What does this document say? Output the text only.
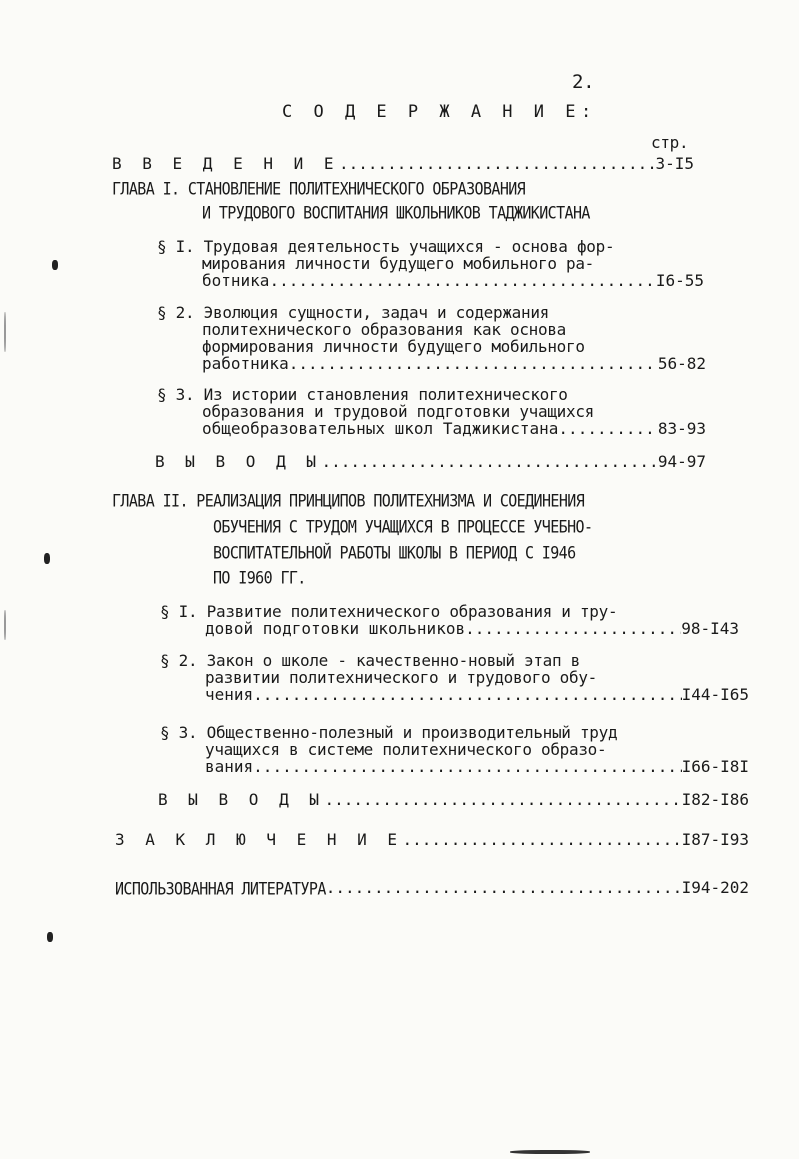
2.
С О Д Е Р Ж А Н И Е:
стр.
В В Е Д Е Н И Е .....	3-I5
ГЛАВА I. СТАНОВЛЕНИЕ ПОЛИТЕХНИЧЕСКОГО ОБРАЗОВАНИЯ
И ТРУДОВОГО ВОСПИТАНИЯ ШКОЛЬНИКОВ ТАДЖИКИСТАНА
§ I. Трудовая деятельность учащихся - основа фор-
мирования личности будущего мобильного ра-
ботника .....	I6-55
§ 2. Эволюция сущности, задач и содержания
политехнического образования как основа
формирования личности будущего мобильного
работника .....	56-82
§ 3. Из истории становления политехнического
образования и трудовой подготовки учащихся
общеобразовательных школ Таджикистана .....	83-93
В Ы В О Д Ы .....	94-97
ГЛАВА II. РЕАЛИЗАЦИЯ ПРИНЦИПОВ ПОЛИТЕХНИЗМА И СОЕДИНЕНИЯ
ОБУЧЕНИЯ С ТРУДОМ УЧАЩИХСЯ В ПРОЦЕССЕ УЧЕБНО-
ВОСПИТАТЕЛЬНОЙ РАБОТЫ ШКОЛЫ В ПЕРИОД С I946
ПО I960 ГГ.
§ I. Развитие политехнического образования и тру-
довой подготовки школьников .....	98-I43
§ 2. Закон о школе - качественно-новый этап в
развитии политехнического и трудового обу-
чения .....	I44-I65
§ 3. Общественно-полезный и производительный труд
учащихся в системе политехнического образо-
вания .....	I66-I8I
В Ы В О Д Ы .....	I82-I86
З А К Л Ю Ч Е Н И Е .....	I87-I93
ИСПОЛЬЗОВАННАЯ ЛИТЕРАТУРА .....	I94-202
